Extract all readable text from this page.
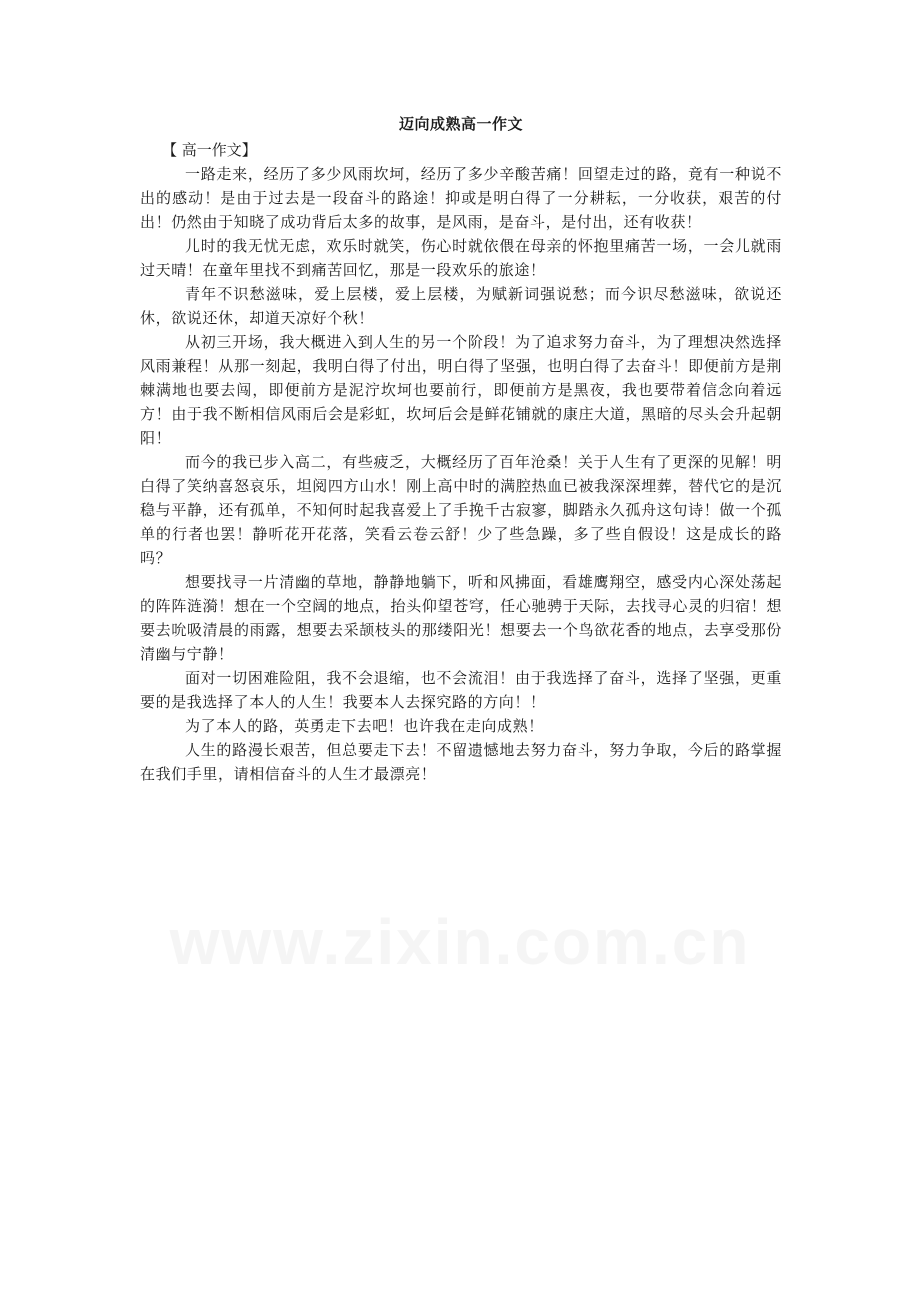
迈向成熟高一作文

【 高一作文】

一路走来，经历了多少风雨坎坷，经历了多少辛酸苦痛！回望走过的路，竟有一种说不出的感动！是由于过去是一段奋斗的路途！抑或是明白得了一分耕耘，一分收获，艰苦的付出！仍然由于知晓了成功背后太多的故事，是风雨，是奋斗，是付出，还有收获！

儿时的我无忧无虑，欢乐时就笑，伤心时就依偎在母亲的怀抱里痛苦一场，一会儿就雨过天晴！在童年里找不到痛苦回忆，那是一段欢乐的旅途！

青年不识愁滋味，爱上层楼，爱上层楼，为赋新词强说愁；而今识尽愁滋味，欲说还休，欲说还休，却道天凉好个秋！

从初三开场，我大概进入到人生的另一个阶段！为了追求努力奋斗，为了理想决然选择风雨兼程！从那一刻起，我明白得了付出，明白得了坚强，也明白得了去奋斗！即便前方是荆棘满地也要去闯，即便前方是泥泞坎坷也要前行，即便前方是黑夜，我也要带着信念向着远方！由于我不断相信风雨后会是彩虹，坎坷后会是鲜花铺就的康庄大道，黑暗的尽头会升起朝阳！

而今的我已步入高二，有些疲乏，大概经历了百年沧桑！关于人生有了更深的见解！明白得了笑纳喜怒哀乐，坦阅四方山水！刚上高中时的满腔热血已被我深深埋葬，替代它的是沉稳与平静，还有孤单，不知何时起我喜爱上了手挽千古寂寥，脚踏永久孤舟这句诗！做一个孤单的行者也罢！静听花开花落，笑看云卷云舒！少了些急躁，多了些自假设！这是成长的路吗？

想要找寻一片清幽的草地，静静地躺下，听和风拂面，看雄鹰翔空，感受内心深处荡起的阵阵涟漪！想在一个空阔的地点，抬头仰望苍穹，任心驰骋于天际，去找寻心灵的归宿！想要去吮吸清晨的雨露，想要去采颉枝头的那缕阳光！想要去一个鸟欲花香的地点，去享受那份清幽与宁静！

面对一切困难险阻，我不会退缩，也不会流泪！由于我选择了奋斗，选择了坚强，更重要的是我选择了本人的人生！我要本人去探究路的方向！！

为了本人的路，英勇走下去吧！也许我在走向成熟！

人生的路漫长艰苦，但总要走下去！不留遗憾地去努力奋斗，努力争取，今后的路掌握在我们手里，请相信奋斗的人生才最漂亮！

www.zixin.com.cn
